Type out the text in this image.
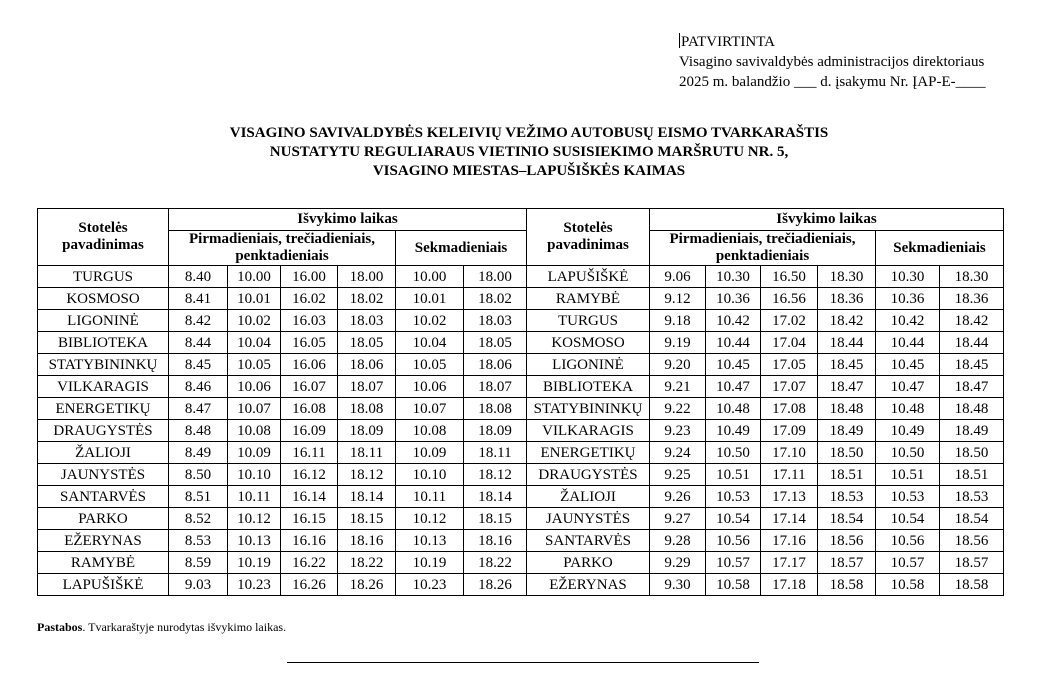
PATVIRTINTA
Visagino savivaldybės administracijos direktoriaus
2025 m. balandžio ___ d. įsakymu Nr. ĮAP-E-____
VISAGINO SAVIVALDYBĖS KELEIVIŲ VEŽIMO AUTOBUSŲ EISMO TVARKARAŠTIS
NUSTATYTU REGULIARAUS VIETINIO SUSISIEKIMO MARŠRUTU NR. 5,
VISAGINO MIESTAS–LAPUŠIŠKĖS KAIMAS
Stotelės pavadinimas	Išvykimo laikas						Stotelės pavadinimas	Išvykimo laikas					
	Pirmadieniais, trečiadieniais, penktadieniais				Sekmadieniais			Pirmadieniais, trečiadieniais, penktadieniais				Sekmadieniais	
TURGUS	8.40	10.00	16.00	18.00	10.00	18.00	LAPUŠIŠKĖ	9.06	10.30	16.50	18.30	10.30	18.30
KOSMOSO	8.41	10.01	16.02	18.02	10.01	18.02	RAMYBĖ	9.12	10.36	16.56	18.36	10.36	18.36
LIGONINĖ	8.42	10.02	16.03	18.03	10.02	18.03	TURGUS	9.18	10.42	17.02	18.42	10.42	18.42
BIBLIOTEKA	8.44	10.04	16.05	18.05	10.04	18.05	KOSMOSO	9.19	10.44	17.04	18.44	10.44	18.44
STATYBININKŲ	8.45	10.05	16.06	18.06	10.05	18.06	LIGONINĖ	9.20	10.45	17.05	18.45	10.45	18.45
VILKARAGIS	8.46	10.06	16.07	18.07	10.06	18.07	BIBLIOTEKA	9.21	10.47	17.07	18.47	10.47	18.47
ENERGETIKŲ	8.47	10.07	16.08	18.08	10.07	18.08	STATYBININKŲ	9.22	10.48	17.08	18.48	10.48	18.48
DRAUGYSTĖS	8.48	10.08	16.09	18.09	10.08	18.09	VILKARAGIS	9.23	10.49	17.09	18.49	10.49	18.49
ŽALIOJI	8.49	10.09	16.11	18.11	10.09	18.11	ENERGETIKŲ	9.24	10.50	17.10	18.50	10.50	18.50
JAUNYSTĖS	8.50	10.10	16.12	18.12	10.10	18.12	DRAUGYSTĖS	9.25	10.51	17.11	18.51	10.51	18.51
SANTARVĖS	8.51	10.11	16.14	18.14	10.11	18.14	ŽALIOJI	9.26	10.53	17.13	18.53	10.53	18.53
PARKO	8.52	10.12	16.15	18.15	10.12	18.15	JAUNYSTĖS	9.27	10.54	17.14	18.54	10.54	18.54
EŽERYNAS	8.53	10.13	16.16	18.16	10.13	18.16	SANTARVĖS	9.28	10.56	17.16	18.56	10.56	18.56
RAMYBĖ	8.59	10.19	16.22	18.22	10.19	18.22	PARKO	9.29	10.57	17.17	18.57	10.57	18.57
LAPUŠIŠKĖ	9.03	10.23	16.26	18.26	10.23	18.26	EŽERYNAS	9.30	10.58	17.18	18.58	10.58	18.58
Pastabos. Tvarkaraštyje nurodytas išvykimo laikas.
